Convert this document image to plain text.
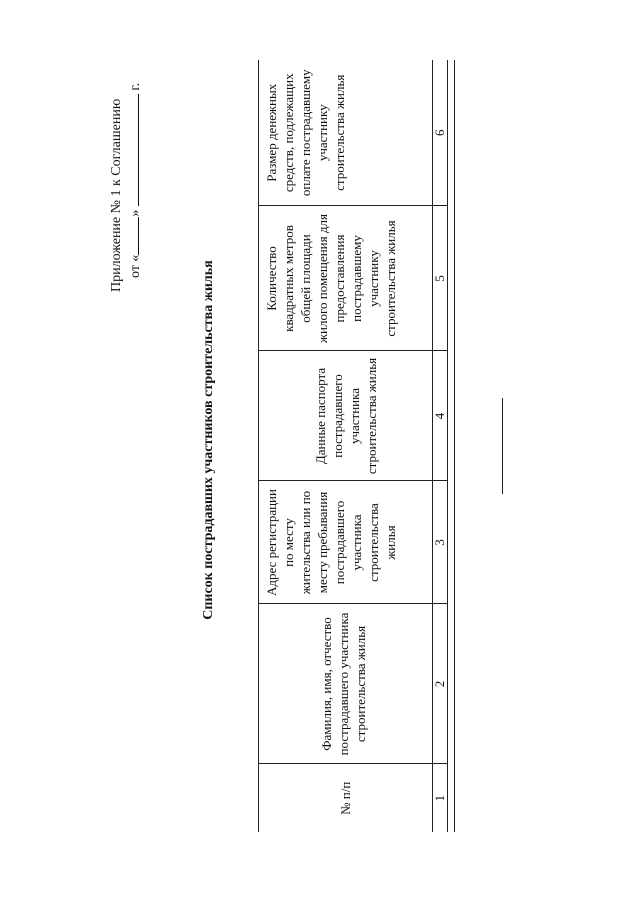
Приложение № 1 к Соглашению от «»  г.
Список пострадавших участников строительства жилья
№ п/п	Фамилия, имя, отчество пострадавшего участника строительства жилья	Адрес регистрации по месту жительства или по месту пребывания пострадавшего участника строительства жилья	Данные паспорта пострадавшего участника строительства жилья	Количество квадратных метров общей площади жилого помещения для предоставления пострадавшему участнику строительства жилья	Размер денежных средств, подлежащих оплате пострадавшему участнику строительства жилья
1	2	3	4	5	6
